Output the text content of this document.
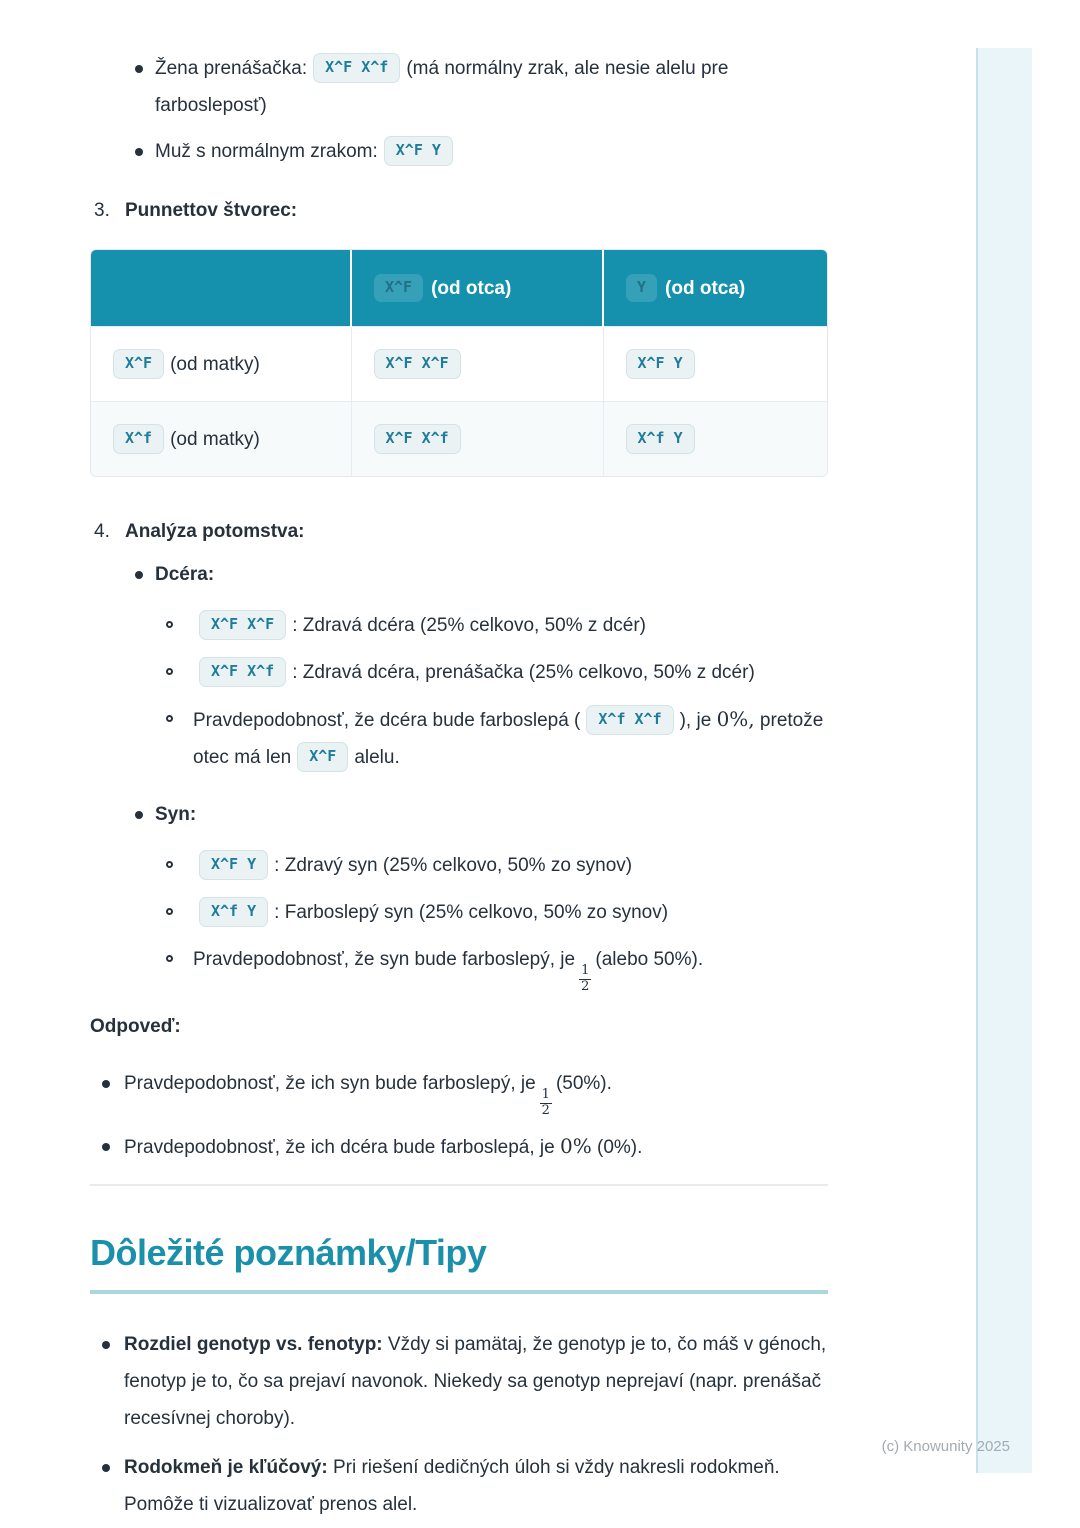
Žena prenášačka: X^F X^f (má normálny zrak, ale nesie alelu pre farbosleposť)
Muž s normálnym zrakom: X^F Y
3. Punnettov štvorec:
	X^F (od otca)	Y (od otca)
X^F (od matky)	X^F X^F	X^F Y
X^f (od matky)	X^F X^f	X^f Y
4. Analýza potomstva:
Dcéra:
X^F X^F : Zdravá dcéra (25% celkovo, 50% z dcér)
X^F X^f : Zdravá dcéra, prenášačka (25% celkovo, 50% z dcér)
Pravdepodobnosť, že dcéra bude farboslepá ( X^f X^f ), je 0%, pretože otec má len X^F alelu.
Syn:
X^F Y : Zdravý syn (25% celkovo, 50% zo synov)
X^f Y : Farboslepý syn (25% celkovo, 50% zo synov)
Pravdepodobnosť, že syn bude farboslepý, je
$\frac{1}{2}$
(alebo 50%).
Odpoveď:
Pravdepodobnosť, že ich syn bude farboslepý, je
$\frac{1}{2}$
(50%).
Pravdepodobnosť, že ich dcéra bude farboslepá, je 0% (0%).
Dôležité poznámky/Tipy
Rozdiel genotyp vs. fenotyp: Vždy si pamätaj, že genotyp je to, čo máš v génoch, fenotyp je to, čo sa prejaví navonok. Niekedy sa genotyp neprejaví (napr. prenášač recesívnej choroby).
Rodokmeň je kľúčový: Pri riešení dedičných úloh si vždy nakresli rodokmeň. Pomôže ti vizualizovať prenos alel.
(c) Knowunity 2025
